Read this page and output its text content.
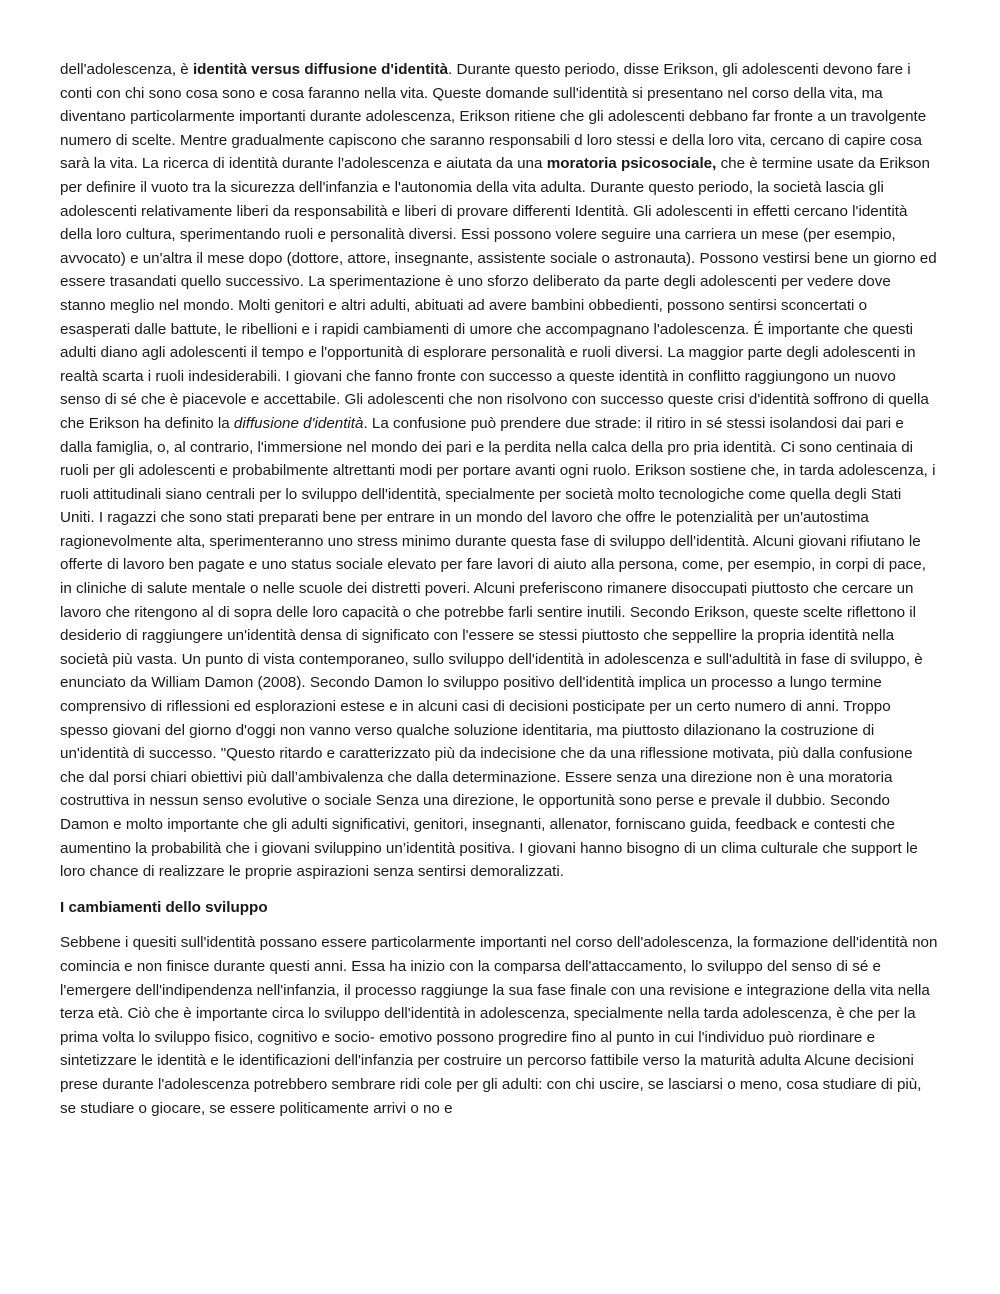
dell'adolescenza, è identità versus diffusione d'identità. Durante questo periodo, disse Erikson, gli adolescenti devono fare i conti con chi sono cosa sono e cosa faranno nella vita. Queste domande sull'identità si presentano nel corso della vita, ma diventano particolarmente importanti durante adolescenza, Erikson ritiene che gli adolescenti debbano far fronte a un travolgente numero di scelte. Mentre gradualmente capiscono che saranno responsabili d loro stessi e della loro vita, cercano di capire cosa sarà la vita. La ricerca di identità durante l'adolescenza e aiutata da una moratoria psicosociale, che è termine usate da Erikson per definire il vuoto tra la sicurezza dell'infanzia e l'autonomia della vita adulta. Durante questo periodo, la società lascia gli adolescenti relativamente liberi da responsabilità e liberi di provare differenti Identità. Gli adolescenti in effetti cercano l'identità della loro cultura, sperimentando ruoli e personalità diversi. Essi possono volere seguire una carriera un mese (per esempio, avvocato) e un'altra il mese dopo (dottore, attore, insegnante, assistente sociale o astronauta). Possono vestirsi bene un giorno ed essere trasandati quello successivo. La sperimentazione è uno sforzo deliberato da parte degli adolescenti per vedere dove stanno meglio nel mondo. Molti genitori e altri adulti, abituati ad avere bambini obbedienti, possono sentirsi sconcertati o esasperati dalle battute, le ribellioni e i rapidi cambiamenti di umore che accompagnano l'adolescenza. É importante che questi adulti diano agli adolescenti il tempo e l'opportunità di esplorare personalità e ruoli diversi. La maggior parte degli adolescenti in realtà scarta i ruoli indesiderabili. I giovani che fanno fronte con successo a queste identità in conflitto raggiungono un nuovo senso di sé che è piacevole e accettabile. Gli adolescenti che non risolvono con successo queste crisi d'identità soffrono di quella che Erikson ha definito la diffusione d'identità. La confusione può prendere due strade: il ritiro in sé stessi isolandosi dai pari e dalla famiglia, o, al contrario, l'immersione nel mondo dei pari e la perdita nella calca della pro pria identità. Ci sono centinaia di ruoli per gli adolescenti e probabilmente altrettanti modi per portare avanti ogni ruolo. Erikson sostiene che, in tarda adolescenza, i ruoli attitudinali siano centrali per lo sviluppo dell'identità, specialmente per società molto tecnologiche come quella degli Stati Uniti. I ragazzi che sono stati preparati bene per entrare in un mondo del lavoro che offre le potenzialità per un'autostima ragionevolmente alta, sperimenteranno uno stress minimo durante questa fase di sviluppo dell'identità. Alcuni giovani rifiutano le offerte di lavoro ben pagate e uno status sociale elevato per fare lavori di aiuto alla persona, come, per esempio, in corpi di pace, in cliniche di salute mentale o nelle scuole dei distretti poveri. Alcuni preferiscono rimanere disoccupati piuttosto che cercare un lavoro che ritengono al di sopra delle loro capacità o che potrebbe farli sentire inutili. Secondo Erikson, queste scelte riflettono il desiderio di raggiungere un'identità densa di significato con l'essere se stessi piuttosto che seppellire la propria identità nella società più vasta. Un punto di vista contemporaneo, sullo sviluppo dell'identità in adolescenza e sull'adultità in fase di sviluppo, è enunciato da William Damon (2008). Secondo Damon lo sviluppo positivo dell'identità implica un processo a lungo termine comprensivo di riflessioni ed esplorazioni estese e in alcuni casi di decisioni posticipate per un certo numero di anni. Troppo spesso giovani del giorno d'oggi non vanno verso qualche soluzione identitaria, ma piuttosto dilazionano la costruzione di un'identità di successo. "Questo ritardo e caratterizzato più da indecisione che da una riflessione motivata, più dalla confusione che dal porsi chiari obiettivi più dall’ambivalenza che dalla determinazione. Essere senza una direzione non è una moratoria costruttiva in nessun senso evolutive o sociale Senza una direzione, le opportunità sono perse e prevale il dubbio. Secondo Damon e molto importante che gli adulti significativi, genitori, insegnanti, allenator, forniscano guida, feedback e contesti che aumentino la probabilità che i giovani sviluppino un’identità positiva. I giovani hanno bisogno di un clima culturale che support le loro chance di realizzare le proprie aspirazioni senza sentirsi demoralizzati.

I cambiamenti dello sviluppo

Sebbene i quesiti sull'identità possano essere particolarmente importanti nel corso dell'adolescenza, la formazione dell'identità non comincia e non finisce durante questi anni. Essa ha inizio con la comparsa dell'attaccamento, lo sviluppo del senso di sé e l'emergere dell'indipendenza nell'infanzia, il processo raggiunge la sua fase finale con una revisione e integrazione della vita nella terza età. Ciò che è importante circa lo sviluppo dell'identità in adolescenza, specialmente nella tarda adolescenza, è che per la prima volta lo sviluppo fisico, cognitivo e socio- emotivo possono progredire fino al punto in cui l'individuo può riordinare e sintetizzare le identità e le identificazioni dell'infanzia per costruire un percorso fattibile verso la maturità adulta Alcune decisioni prese durante l'adolescenza potrebbero sembrare ridi cole per gli adulti: con chi uscire, se lasciarsi o meno, cosa studiare di più, se studiare o giocare, se essere politicamente arrivi o no e
